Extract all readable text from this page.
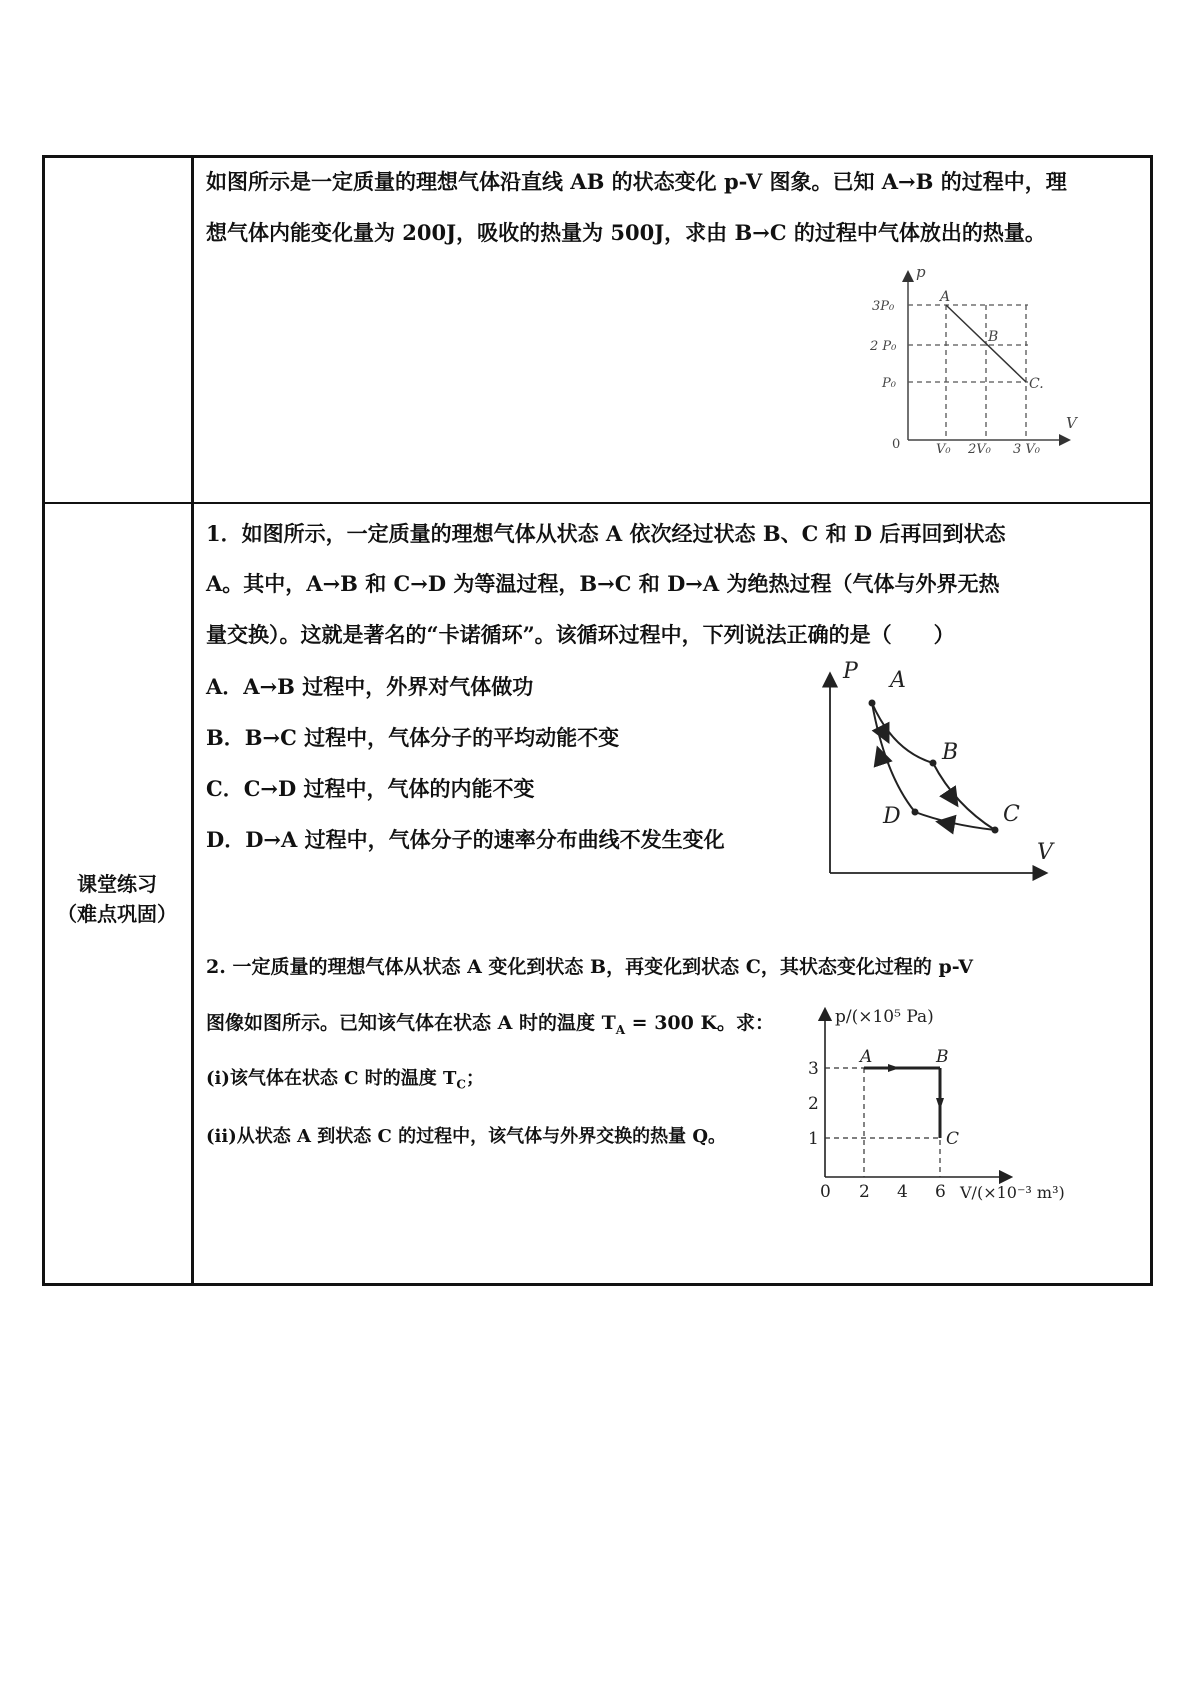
如图所示是一定质量的理想气体沿直线 AB 的状态变化 p-V 图象。已知 A→B 的过程中，理
想气体内能变化量为 200J，吸收的热量为 500J，求由 B→C 的过程中气体放出的热量。
p
V
3P₀
2 P₀
P₀
0	V₀ 2V₀ 3 V₀
A
B
C.
课堂练习
（难点巩固）
1．如图所示，一定质量的理想气体从状态 A 依次经过状态 B、C 和 D 后再回到状态
A。其中，A→B 和 C→D 为等温过程，B→C 和 D→A 为绝热过程（气体与外界无热
量交换）。这就是著名的“卡诺循环”。该循环过程中，下列说法正确的是（　　）
A．A→B 过程中，外界对气体做功
B．B→C 过程中，气体分子的平均动能不变
C．C→D 过程中，气体的内能不变
D．D→A 过程中，气体分子的速率分布曲线不发生变化
P
V
A
B
C
D
2. 一定质量的理想气体从状态 A 变化到状态 B，再变化到状态 C，其状态变化过程的 p-V
图像如图所示。已知该气体在状态 A 时的温度 $T_A = 300$ K。求：
(i)该气体在状态 C 时的温度 $T_C$；
(ii)从状态 A 到状态 C 的过程中，该气体与外界交换的热量 Q。
p/(×10⁵ Pa)
V/(×10⁻³ m³)
3
2
1
0 2 4 6
A	B
C
